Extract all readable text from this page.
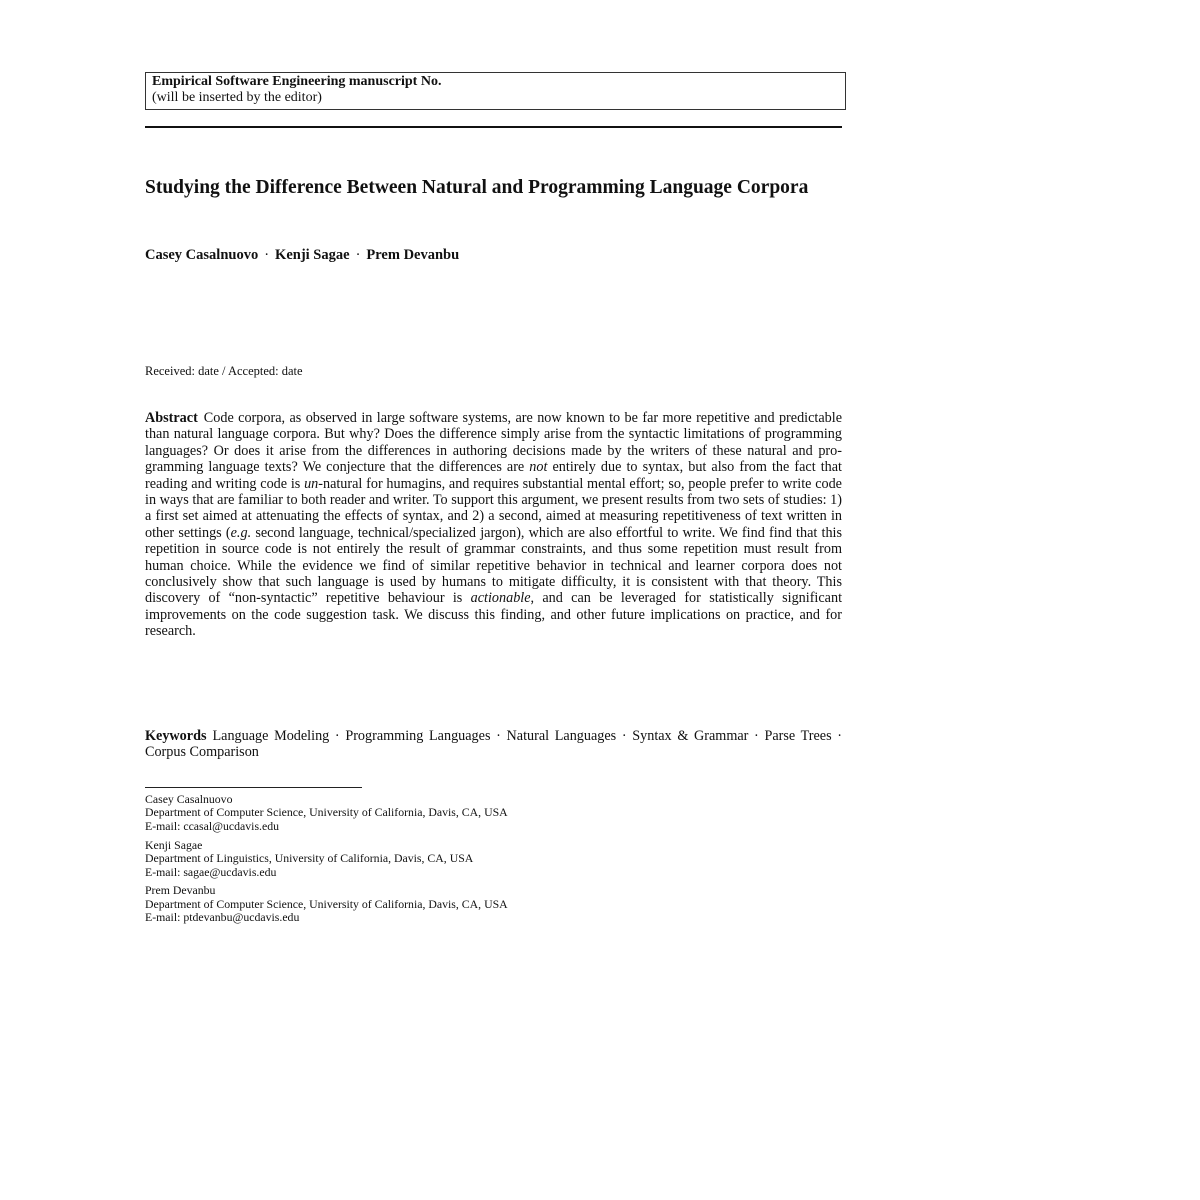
Empirical Software Engineering manuscript No.
(will be inserted by the editor)
Studying the Difference Between Natural and Programming Language Corpora
Casey Casalnuovo · Kenji Sagae · Prem Devanbu
Received: date / Accepted: date

Abstract Code corpora, as observed in large software systems, are now known to be far more repetitive and predictable than natural language corpora. But why? Does the difference simply arise from the syntactic limitations of programming languages? Or does it arise from the differences in authoring decisions made by the writers of these natural and programming language texts? We conjecture that the differences are not entirely due to syntax, but also from the fact that reading and writing code is un-natural for humagins, and requires substantial mental effort; so, people prefer to write code in ways that are familiar to both reader and writer. To support this argument, we present results from two sets of studies: 1) a first set aimed at attenuating the effects of syntax, and 2) a second, aimed at measuring repetitiveness of text written in other settings (e.g. second language, technical/specialized jargon), which are also effortful to write. We find find that this repetition in source code is not entirely the result of grammar constraints, and thus some repetition must result from human choice. While the evidence we find of similar repetitive behavior in technical and learner corpora does not conclusively show that such language is used by humans to mitigate difficulty, it is consistent with that theory. This discovery of “non-syntactic” repetitive behaviour is actionable, and can be leveraged for statistically significant improvements on the code suggestion task. We discuss this finding, and other future implications on practice, and for research.

Keywords Language Modeling · Programming Languages · Natural Languages · Syntax & Grammar · Parse Trees · Corpus Comparison

Casey Casalnuovo
Department of Computer Science, University of California, Davis, CA, USA
E-mail: ccasal@ucdavis.edu
Kenji Sagae
Department of Linguistics, University of California, Davis, CA, USA
E-mail: sagae@ucdavis.edu
Prem Devanbu
Department of Computer Science, University of California, Davis, CA, USA
E-mail: ptdevanbu@ucdavis.edu
